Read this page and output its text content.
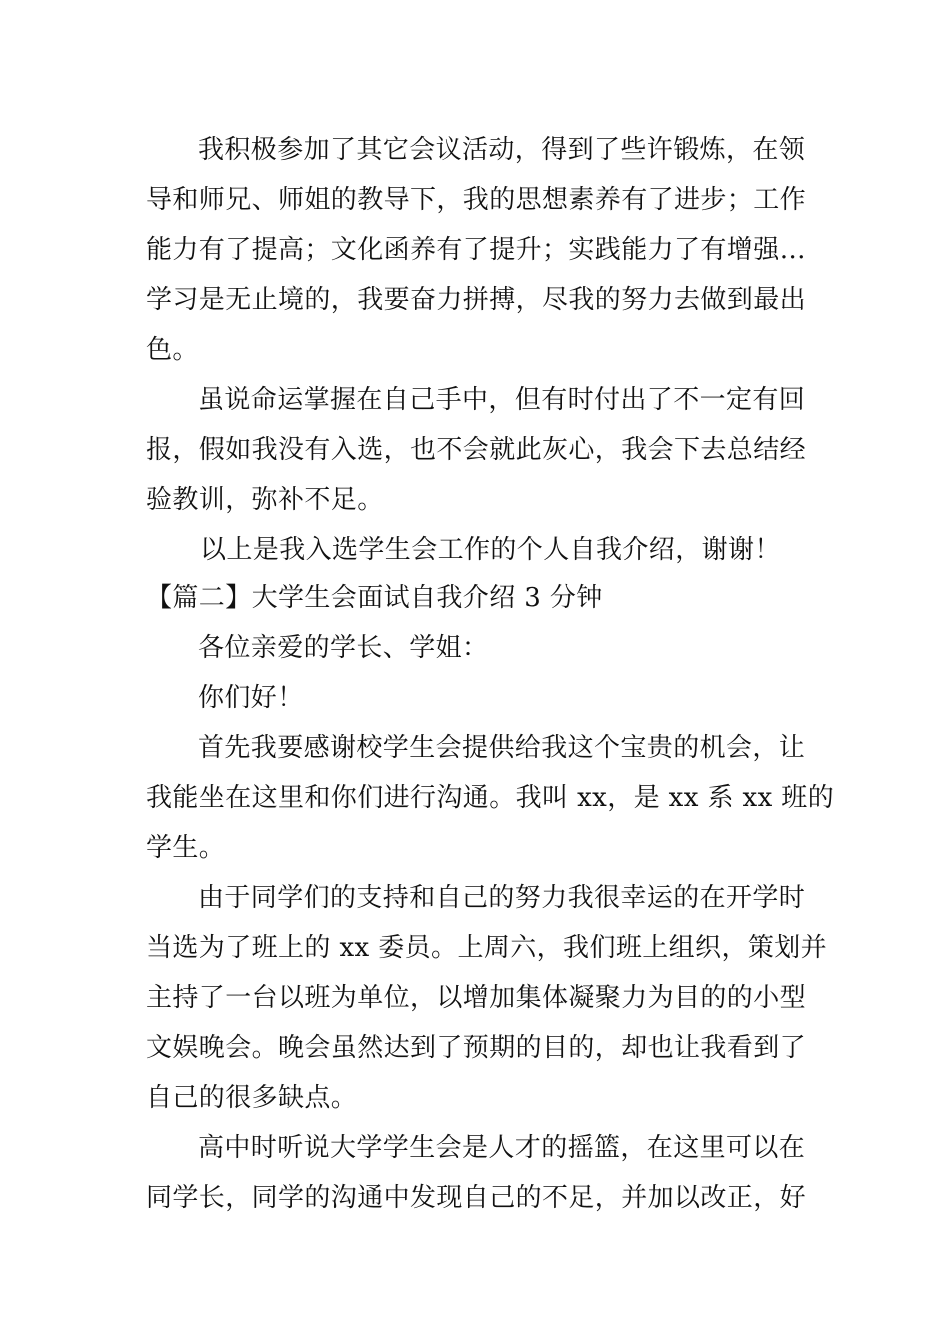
我积极参加了其它会议活动，得到了些许锻炼，在领
导和师兄、师姐的教导下，我的思想素养有了进步；工作
能力有了提高；文化函养有了提升；实践能力了有增强…
学习是无止境的，我要奋力拼搏，尽我的努力去做到最出
色。
虽说命运掌握在自己手中，但有时付出了不一定有回
报，假如我没有入选，也不会就此灰心，我会下去总结经
验教训，弥补不足。
以上是我入选学生会工作的个人自我介绍，谢谢！
【篇二】大学生会面试自我介绍 3 分钟
各位亲爱的学长、学姐：
你们好！
首先我要感谢校学生会提供给我这个宝贵的机会，让
我能坐在这里和你们进行沟通。我叫 xx，是 xx 系 xx 班的
学生。
由于同学们的支持和自己的努力我很幸运的在开学时
当选为了班上的 xx 委员。上周六，我们班上组织，策划并
主持了一台以班为单位，以增加集体凝聚力为目的的小型
文娱晚会。晚会虽然达到了预期的目的，却也让我看到了
自己的很多缺点。
高中时听说大学学生会是人才的摇篮，在这里可以在
同学长，同学的沟通中发现自己的不足，并加以改正，好
